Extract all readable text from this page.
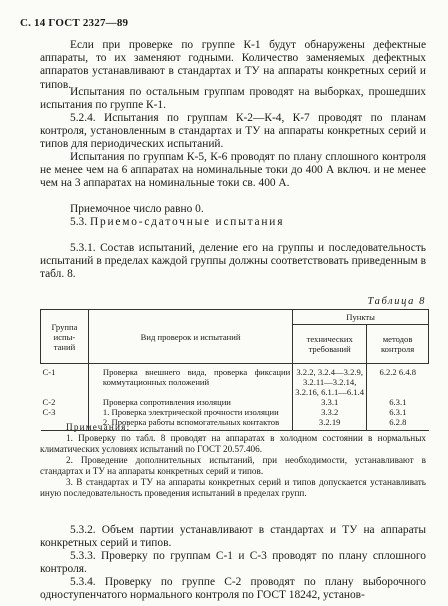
С. 14 ГОСТ 2327—89
Если при проверке по группе К-1 будут обнаружены дефектные аппараты, то их заменяют годными. Количество заменяемых дефектных аппаратов устанавливают в стандартах и ТУ на аппараты конкретных серий и типов.
Испытания по остальным группам проводят на выборках, прошедших испытания по группе К-1.
5.2.4. Испытания по группам К-2—К-4, К-7 проводят по планам контроля, установленным в стандартах и ТУ на аппараты конкретных серий и типов для периодических испытаний.
Испытания по группам К-5, К-6 проводят по плану сплошного контроля не менее чем на 6 аппаратах на номинальные токи до 400 А включ. и не менее чем на 3 аппаратах на номинальные токи св. 400 А.
Приемочное число равно 0.
5.3. Приемо-сдаточные испытания
5.3.1. Состав испытаний, деление его на группы и последовательность испытаний в пределах каждой группы должны соответствовать приведенным в табл. 8.
Таблица 8
Группа испы-таний	Вид проверок и испытаний	Пункты	
		технических требований	методов контроля
С-1	Проверка внешнего вида, проверка фиксации коммутационных положений	3.2.2, 3.2.4—3.2.9, 3.2.11—3.2.14, 3.2.16, 6.1.1—6.1.4	6.2.2 6.4.8
С-2	Проверка сопротивления изоляции	3.3.1	6.3.1
С-3	1. Проверка электрической прочности изоляции	3.3.2	6.3.1
	2. Проверка работы вспомогательных контактов	3.2.19	6.2.8
Примечания:
1. Проверку по табл. 8 проводят на аппаратах в холодном состоянии в нормальных климатических условиях испытаний по ГОСТ 20.57.406.
2. Проведение дополнительных испытаний, при необходимости, устанавливают в стандартах и ТУ на аппараты конкретных серий и типов.
3. В стандартах и ТУ на аппараты конкретных серий и типов допускается устанавливать иную последовательность проведения испытаний в пределах групп.
5.3.2. Объем партии устанавливают в стандартах и ТУ на аппараты конкретных серий и типов.
5.3.3. Проверку по группам С-1 и С-3 проводят по плану сплошного контроля.
5.3.4. Проверку по группе С-2 проводят по плану выборочного одноступенчатого нормального контроля по ГОСТ 18242, установ-
